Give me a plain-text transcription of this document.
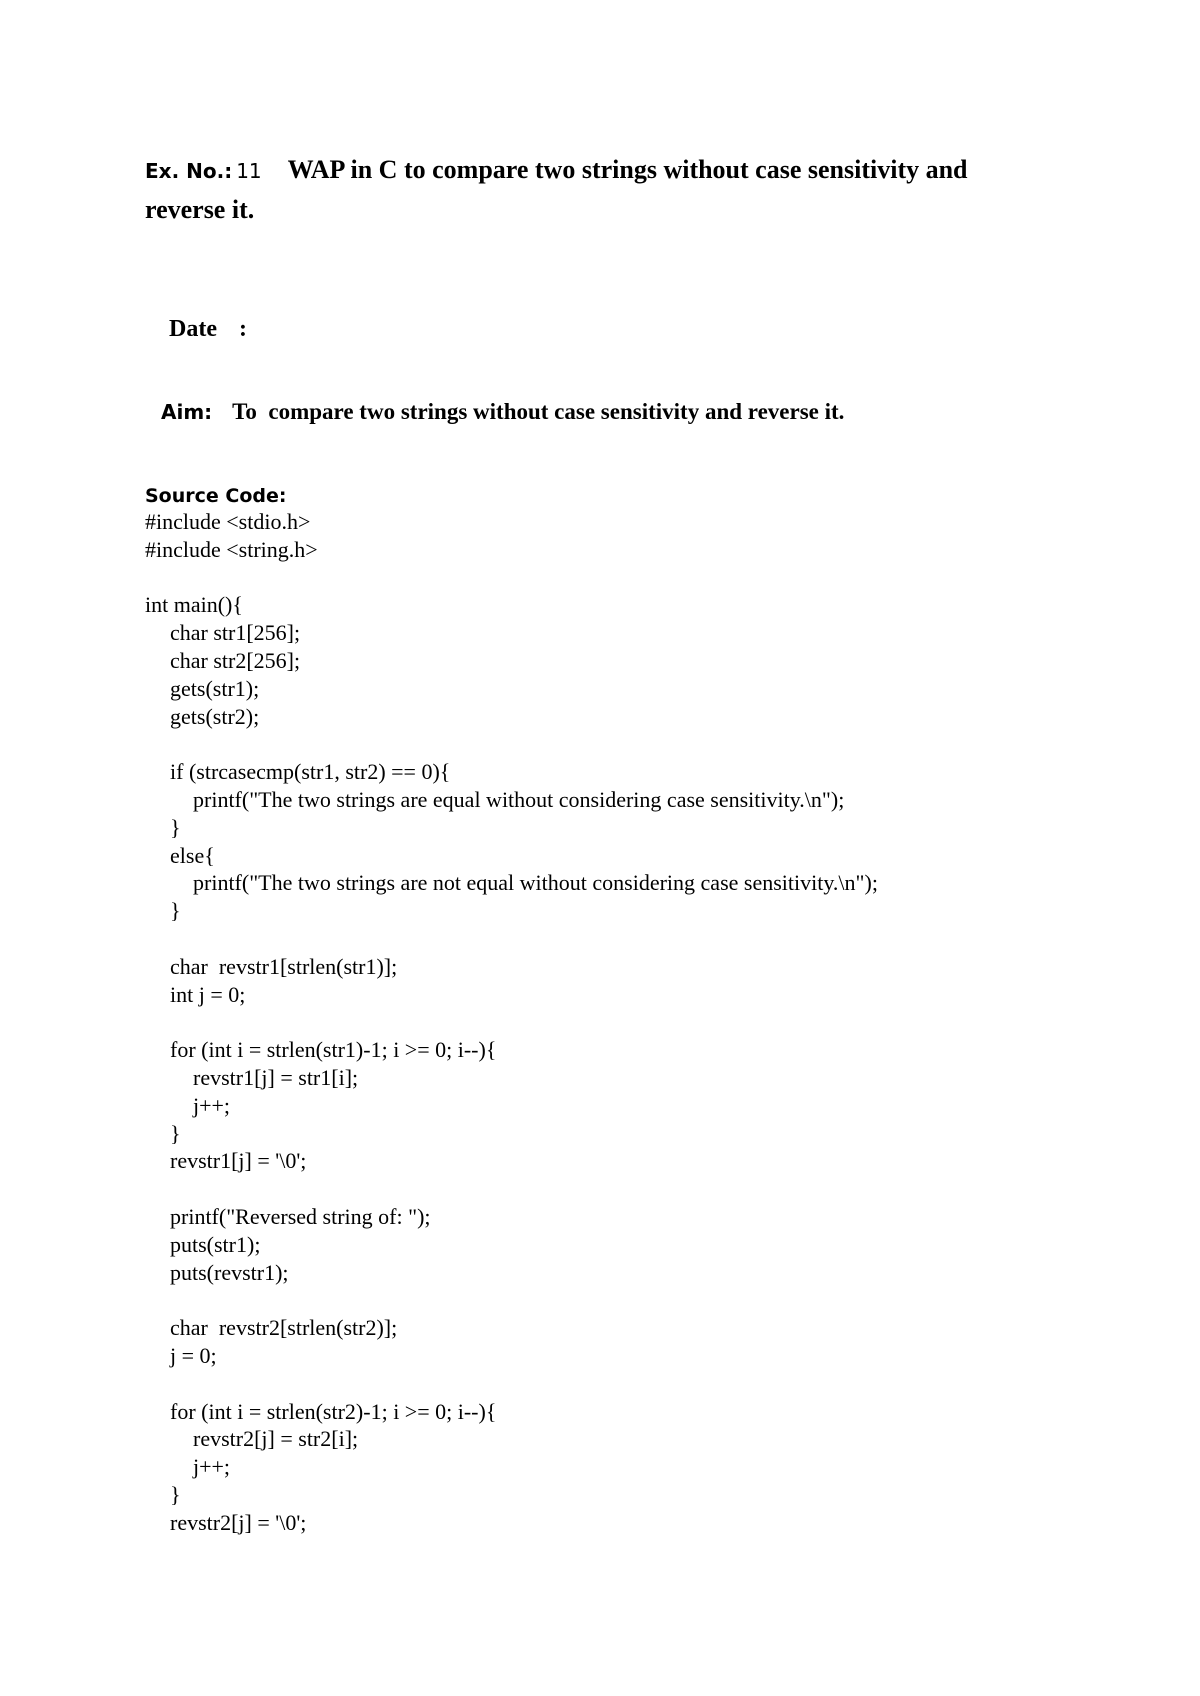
Ex. No.: 11 WAP in C to compare two strings without case sensitivity and
reverse it.

Date :

Aim: To  compare two strings without case sensitivity and reverse it.

Source Code:
#include <stdio.h>
#include <string.h>
int main(){
char str1[256];
char str2[256];
gets(str1);
gets(str2);
if (strcasecmp(str1, str2) == 0){
printf("The two strings are equal without considering case sensitivity.\n");
}
else{
printf("The two strings are not equal without considering case sensitivity.\n");
}
char  revstr1[strlen(str1)];
int j = 0;
for (int i = strlen(str1)-1; i >= 0; i--){
revstr1[j] = str1[i];
j++;
}
revstr1[j] = '\0';
printf("Reversed string of: ");
puts(str1);
puts(revstr1);
char  revstr2[strlen(str2)];
j = 0;
for (int i = strlen(str2)-1; i >= 0; i--){
revstr2[j] = str2[i];
j++;
}
revstr2[j] = '\0';
